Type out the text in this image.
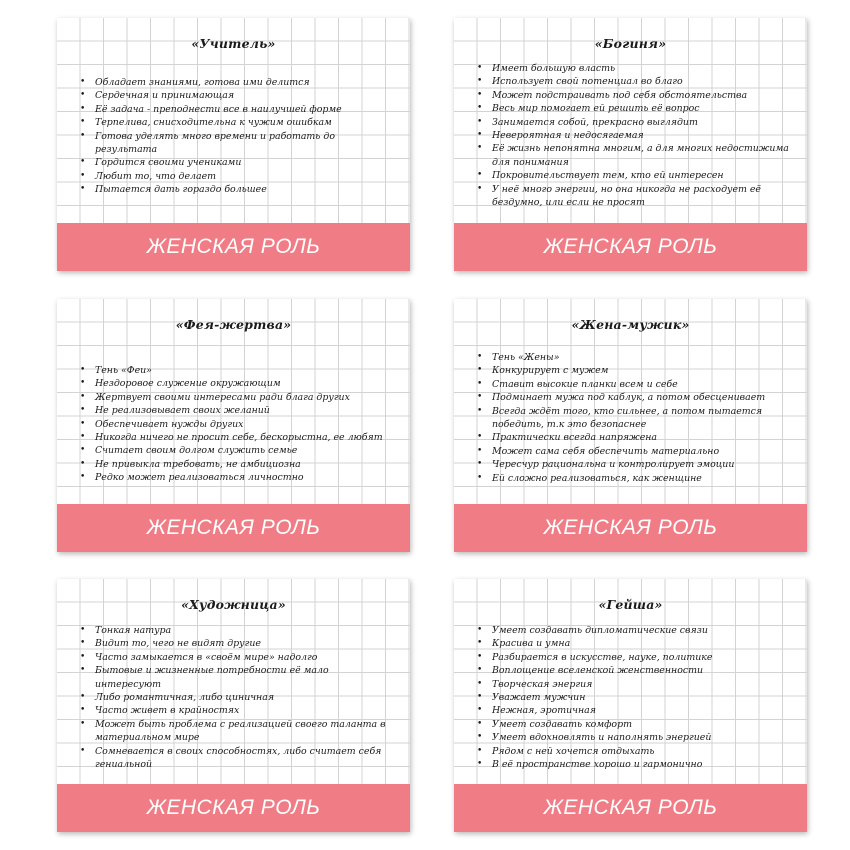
«Учитель»
• Обладает знаниями, готова ими делится
• Сердечная и принимающая
• Её задача - преподнести все в наилучшей форме
• Терпелива, снисходительна к чужим ошибкам
• Готова уделять много времени и работать до результата
• Гордится своими учениками
• Любит то, что делает
• Пытается дать гораздо большее
ЖЕНСКАЯ РОЛЬ
«Богиня»
• Имеет большую власть
• Использует свой потенциал во благо
• Может подстраивать под себя обстоятельства
• Весь мир помогает ей решить её вопрос
• Занимается собой, прекрасно выглядит
• Невероятная и недосягаемая
• Её жизнь непонятна многим, а для многих недостижима для понимания
• Покровительствует тем, кто ей интересен
• У неё много энергии, но она никогда не расходует её бездумно, или если не просят
ЖЕНСКАЯ РОЛЬ
«Фея-жертва»
• Тень «Феи»
• Нездоровое служение окружающим
• Жертвует своими интересами ради блага других
• Не реализовывает своих желаний
• Обеспечивает нужды других
• Никогда ничего не просит себе, бескорыстна, ее любят
• Считает своим долгом служить семье
• Не привыкла требовать, не амбициозна
• Редко может реализоваться личностно
ЖЕНСКАЯ РОЛЬ
«Жена-мужик»
• Тень «Жены»
• Конкурирует с мужем
• Ставит высокие планки всем и себе
• Подминает мужа под каблук, а потом обесценивает
• Всегда ждёт того, кто сильнее, а потом пытается победить, т.к это безопаснее
• Практически всегда напряжена
• Может сама себя обеспечить материально
• Чересчур рациональна и контролирует эмоции
• Ей сложно реализоваться, как женщине
ЖЕНСКАЯ РОЛЬ
«Художница»
• Тонкая натура
• Видит то, чего не видят другие
• Часто замыкается в «своём мире» надолго
• Бытовые и жизненные потребности её мало интересуют
• Либо романтичная, либо циничная
• Часто живет в крайностях
• Может быть проблема с реализацией своего таланта в материальном мире
• Сомневается в своих способностях, либо считает себя гениальной
ЖЕНСКАЯ РОЛЬ
«Гейша»
• Умеет создавать дипломатические связи
• Красива и умна
• Разбирается в искусстве, науке, политике
• Воплощение вселенской женственности
• Творческая энергия
• Уважает мужчин
• Нежная, эротичная
• Умеет создавать комфорт
• Умеет вдохновлять и наполнять энергией
• Рядом с ней хочется отдыхать
• В её пространстве хорошо и гармонично
ЖЕНСКАЯ РОЛЬ
